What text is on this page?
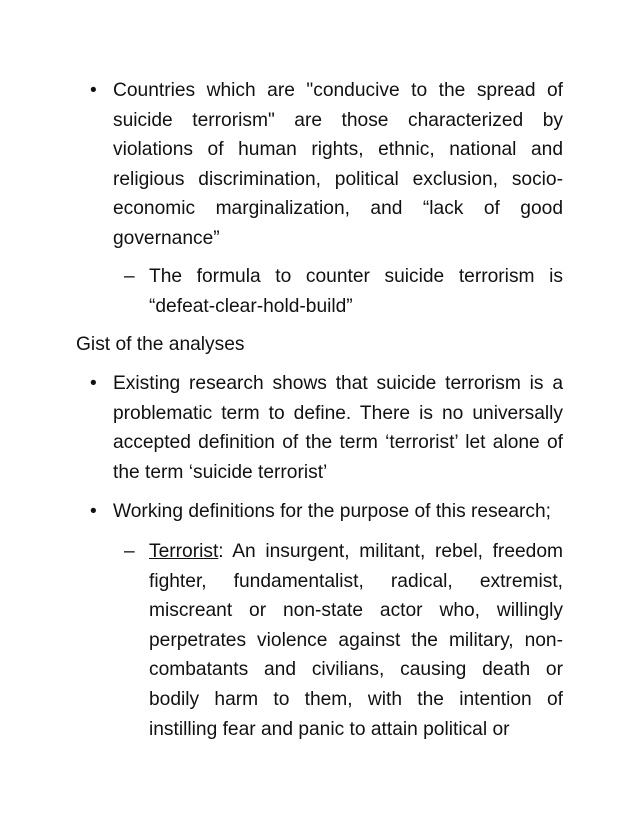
• Countries which are "conducive to the spread of suicide terrorism" are those characterized by violations of human rights, ethnic, national and religious discrimination, political exclusion, socio-economic marginalization, and “lack of good governance”
– The formula to counter suicide terrorism is “defeat-clear-hold-build”
Gist of the analyses
• Existing research shows that suicide terrorism is a problematic term to define. There is no universally accepted definition of the term ‘terrorist’ let alone of the term ‘suicide terrorist’
• Working definitions for the purpose of this research;
– Terrorist: An insurgent, militant, rebel, freedom fighter, fundamentalist, radical, extremist, miscreant or non-state actor who, willingly perpetrates violence against the military, non-combatants and civilians, causing death or bodily harm to them, with the intention of instilling fear and panic to attain political or
